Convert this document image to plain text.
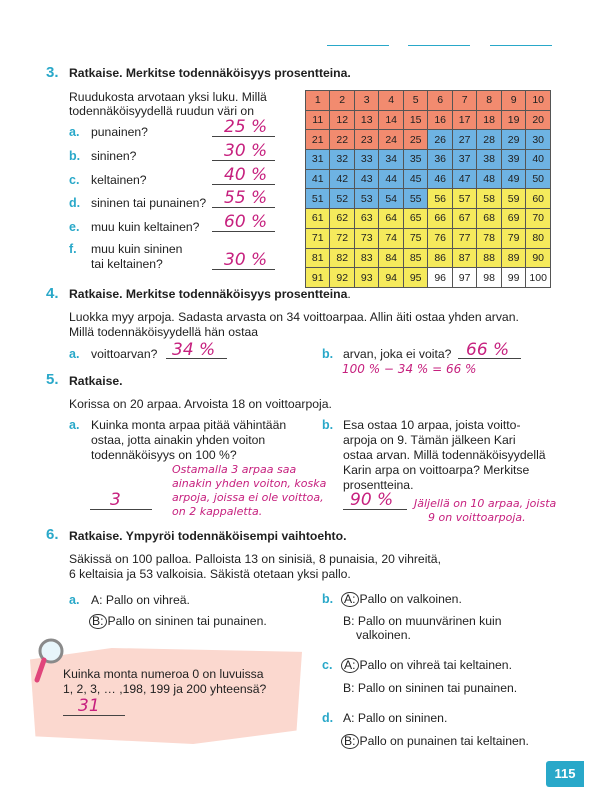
3. Ratkaise. Merkitse todennäköisyys prosentteina.
Ruudukosta arvotaan yksi luku. Millä
todennäköisyydellä ruudun väri on
a. punainen?	25 %
b. sininen?	30 %
c. keltainen?	40 %
d. sininen tai punainen? 55 %
e. muu kuin keltainen? 60 %
f. muu kuin sininen
tai keltainen?	30 %
1	2	3	4	5	6	7	8	9	10
11	12	13	14	15	16	17	18	19	20
21	22	23	24	25	26	27	28	29	30
31	32	33	34	35	36	37	38	39	40
41	42	43	44	45	46	47	48	49	50
51	52	53	54	55	56	57	58	59	60
61	62	63	64	65	66	67	68	69	70
71	72	73	74	75	76	77	78	79	80
81	82	83	84	85	86	87	88	89	90
91	92	93	94	95	96	97	98	99	100
4. Ratkaise. Merkitse todennäköisyys prosentteina.
Luokka myy arpoja. Sadasta arvasta on 34 voittoarpaa. Allin äiti ostaa yhden arvan.
Millä todennäköisyydellä hän ostaa
a. voittoarvan? 34 %	b. arvan, joka ei voita? 66 %
100 % − 34 % = 66 %
5. Ratkaise.
Korissa on 20 arpaa. Arvoista 18 on voittoarpoja.
a. Kuinka monta arpaa pitää vähintään
ostaa, jotta ainakin yhden voiton
todennäköisyys on 100 %?
Ostamalla 3 arpaa saa
ainakin yhden voiton, koska
arpoja, joissa ei ole voittoa,
on 2 kappaletta.
3
b. Esa ostaa 10 arpaa, joista voitto-
arpoja on 9. Tämän jälkeen Kari
ostaa arvan. Millä todennäköisyydellä
Karin arpa on voittoarpa? Merkitse
prosentteina.
90 % Jäljellä on 10 arpaa, joista
9 on voittoarpoja.
6. Ratkaise. Ympyröi todennäköisempi vaihtoehto.
Säkissä on 100 palloa. Palloista 13 on sinisiä, 8 punaisia, 20 vihreitä,
6 keltaisia ja 53 valkoisia. Säkistä otetaan yksi pallo.
a. A: Pallo on vihreä.
B: Pallo on sininen tai punainen.
b. A: Pallo on valkoinen.
B: Pallo on muunvärinen kuin
valkoinen.
c. A: Pallo on vihreä tai keltainen.
B: Pallo on sininen tai punainen.
d. A: Pallo on sininen.
B: Pallo on punainen tai keltainen.
Kuinka monta numeroa 0 on luvuissa
1, 2, 3, … ,198, 199 ja 200 yhteensä?
31
115
